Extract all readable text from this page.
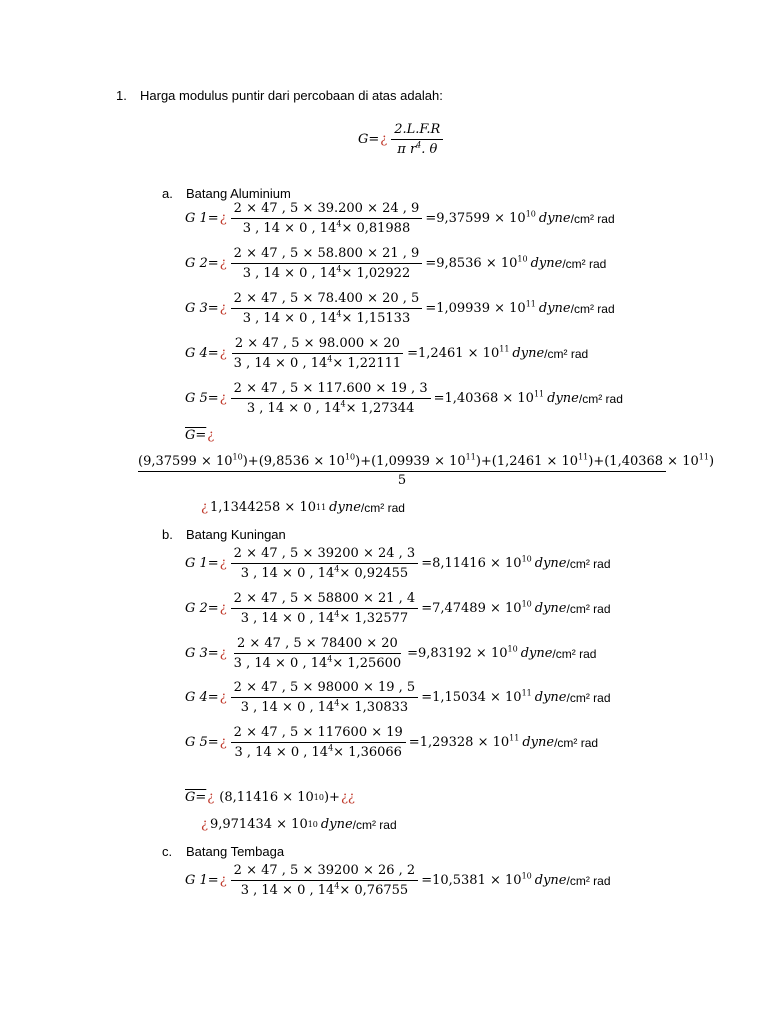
1. Harga modulus puntir dari percobaan di atas adalah:
G= ¿ $\frac{2.L.F.R}{\pi r^4. \theta}$
a. Batang Aluminium
G 1= ¿ $\frac{2 \times 47 , 5 \times 39.200 \times 24 , 9}{3 , 14 \times 0 , 14^4\times 0,81988} =9,37599 \times 10^{10}$ dyne /cm² rad
G 2= ¿ $\frac{2 \times 47 , 5 \times 58.800 \times 21 , 9}{3 , 14 \times 0 , 14^4\times 1,02922} =9,8536 \times 10^{10}$ dyne /cm² rad
G 3= ¿ $\frac{2 \times 47 , 5 \times 78.400 \times 20 , 5}{3 , 14 \times 0 , 14^4\times 1,15133} =1,09939 \times 10^{11}$ dyne /cm² rad
G 4= ¿ $\frac{2 \times 47 , 5 \times 98.000 \times 20}{3 , 14 \times 0 , 14^4\times 1,22111} =1,2461 \times 10^{11}$ dyne /cm² rad
G 5= ¿ $\frac{2 \times 47 , 5 \times 117.600 \times 19 , 3}{3 , 14 \times 0 , 14^4\times 1,27344} =1,40368 \times 10^{11}$ dyne /cm² rad
G= ¿
$(9,37599 \times 10^{10})+(9,8536 \times 10^{10})+(1,09939 \times 10^{11})+(1,2461 \times 10^{11})+(1,40368 \times 10^{11})$
5
¿ 1,1344258 × 10 11 dyne /cm² rad
b. Batang Kuningan
G 1= ¿ $\frac{2 \times 47 , 5 \times 39200 \times 24 , 3}{3 , 14 \times 0 , 14^4\times 0,92455} =8,11416 \times 10^{10}$ dyne /cm² rad
G 2= ¿ $\frac{2 \times 47 , 5 \times 58800 \times 21 , 4}{3 , 14 \times 0 , 14^4\times 1,32577} =7,47489 \times 10^{10}$ dyne /cm² rad
G 3= ¿ $\frac{2 \times 47 , 5 \times 78400 \times 20}{3 , 14 \times 0 , 14^4\times 1,25600} =9,83192 \times 10^{10}$ dyne /cm² rad
G 4= ¿ $\frac{2 \times 47 , 5 \times 98000 \times 19 , 5}{3 , 14 \times 0 , 14^4\times 1,30833} =1,15034 \times 10^{11}$ dyne /cm² rad
G 5= ¿ $\frac{2 \times 47 , 5 \times 117600 \times 19}{3 , 14 \times 0 , 14^4\times 1,36066} =1,29328 \times 10^{11}$ dyne /cm² rad
G= ¿ (8,11416 × 10 10 )+ ¿¿
¿ 9,971434 × 10 10 dyne /cm² rad
c. Batang Tembaga
G 1= ¿ $\frac{2 \times 47 , 5 \times 39200 \times 26 , 2}{3 , 14 \times 0 , 14^4\times 0,76755} =10,5381 \times 10^{10}$ dyne /cm² rad
